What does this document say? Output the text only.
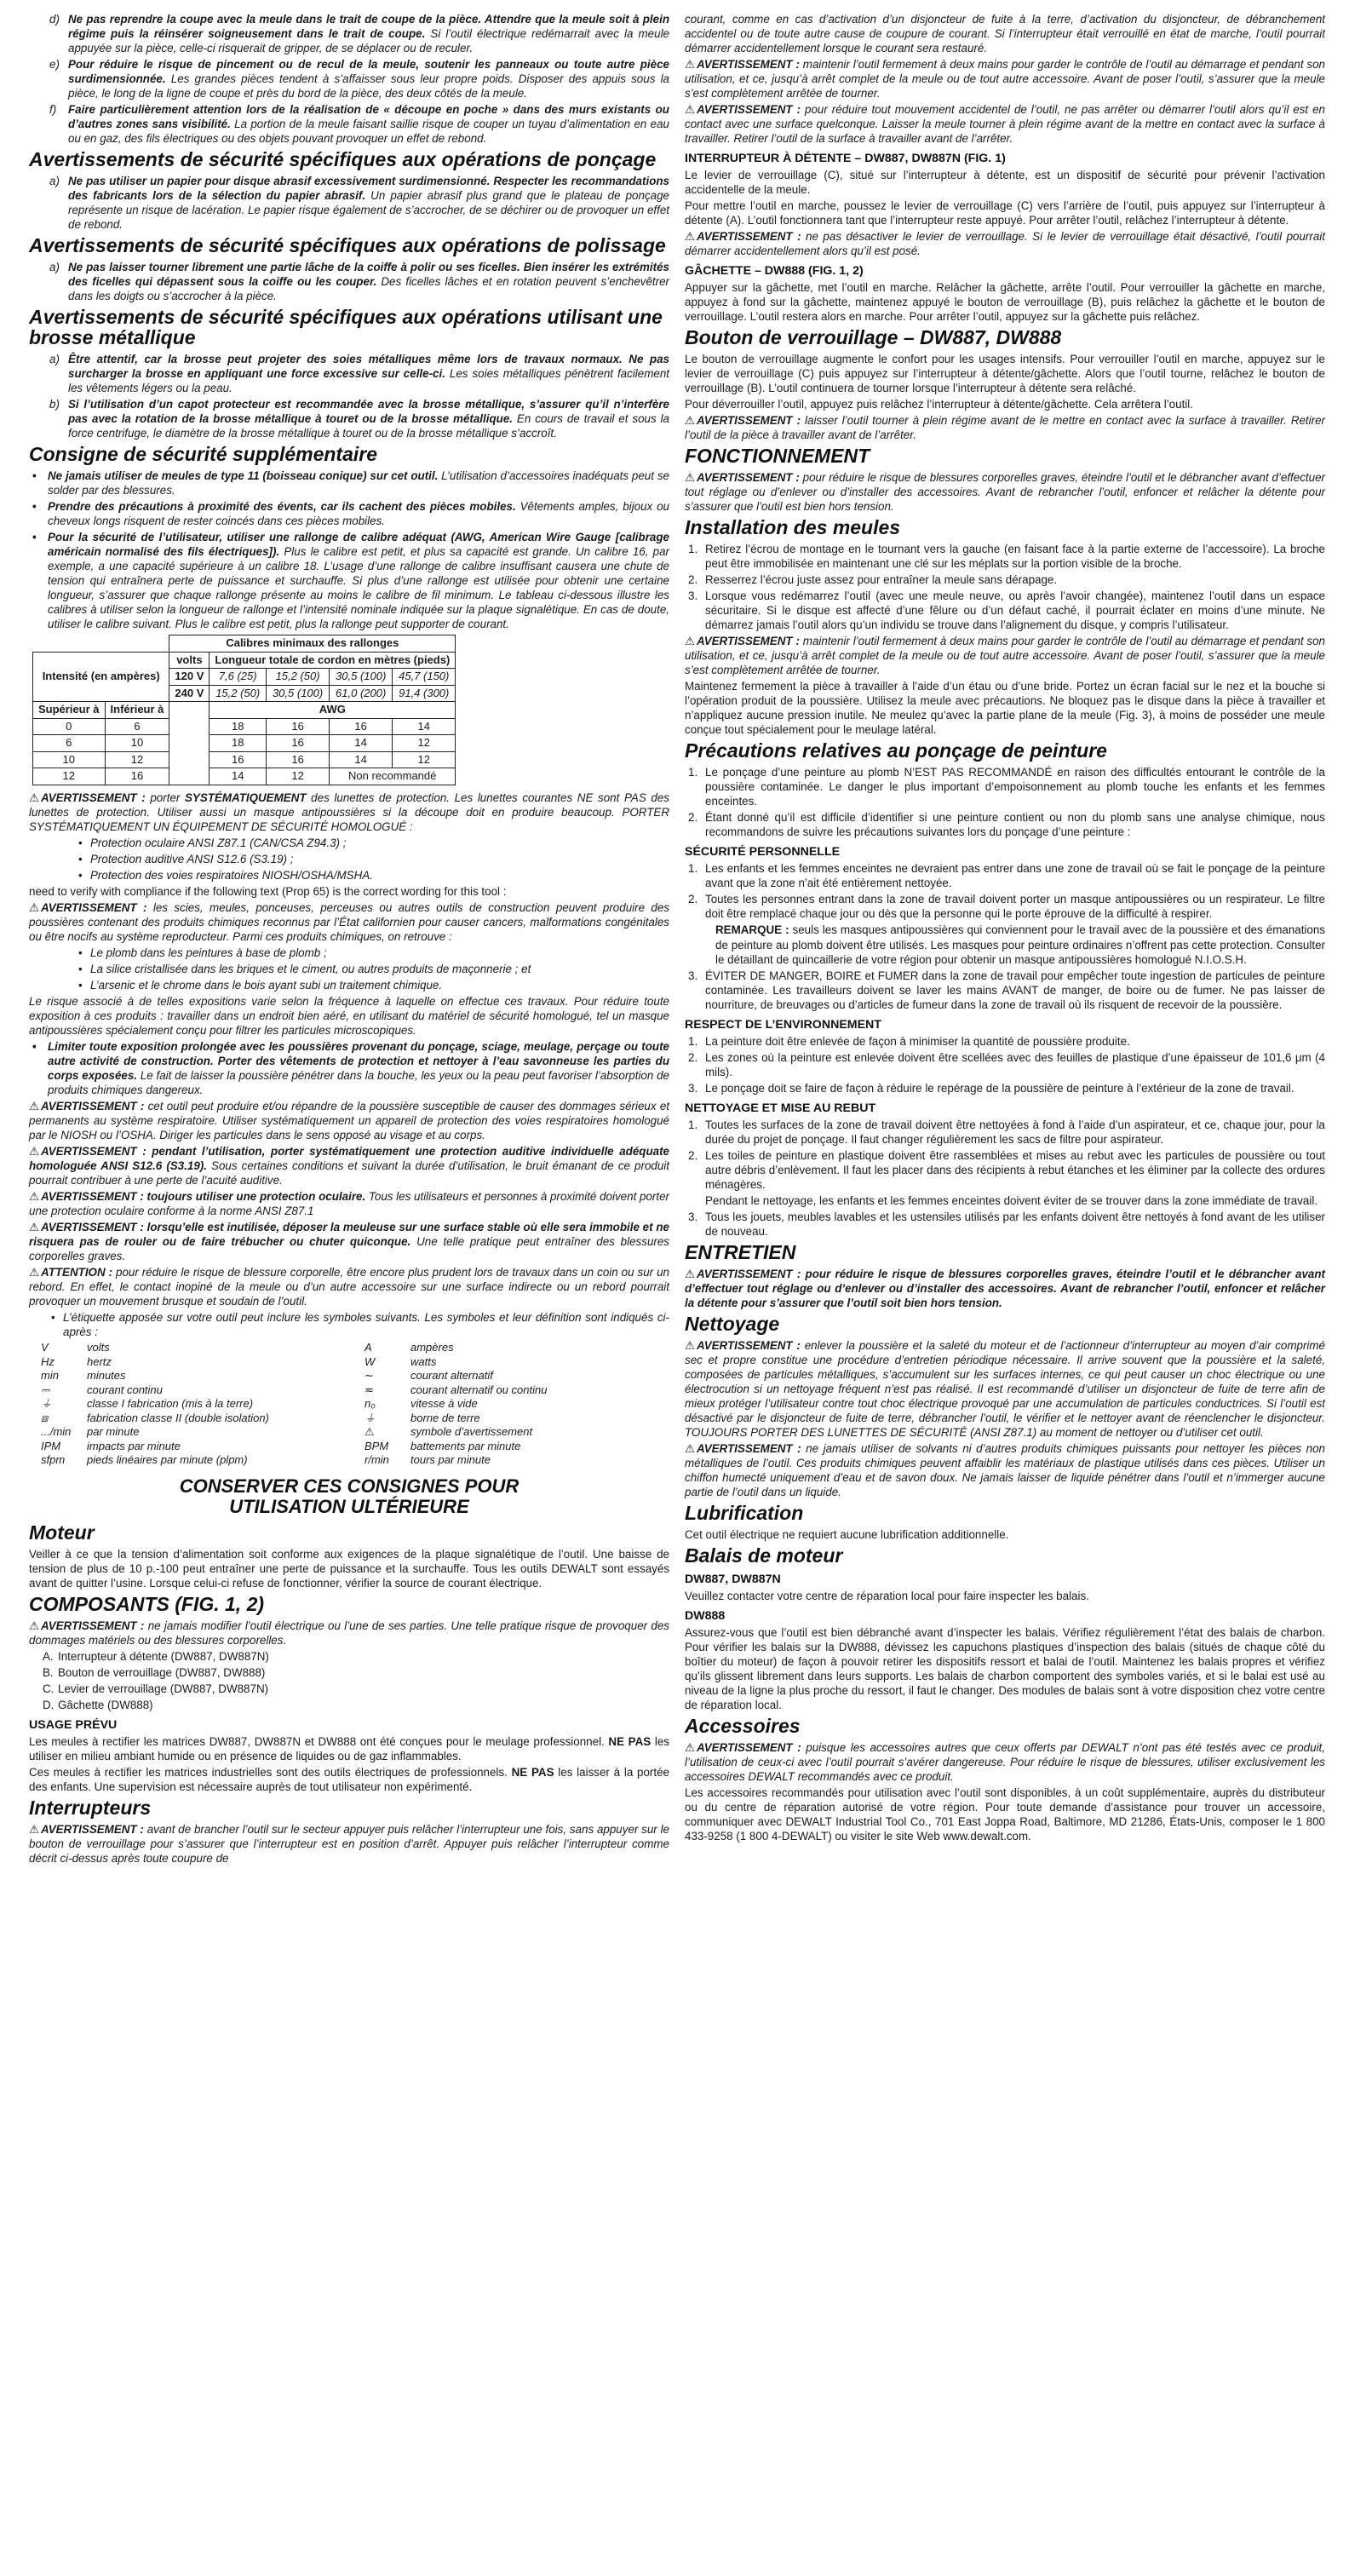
d) Ne pas reprendre la coupe avec la meule dans le trait de coupe de la pièce. Attendre que la meule soit à plein régime puis la réinsérer soigneusement dans le trait de coupe. Si l’outil électrique redémarrait avec la meule appuyée sur la pièce, celle-ci risquerait de gripper, de se déplacer ou de reculer.
e) Pour réduire le risque de pincement ou de recul de la meule, soutenir les panneaux ou toute autre pièce surdimensionnée. Les grandes pièces tendent à s’affaisser sous leur propre poids. Disposer des appuis sous la pièce, le long de la ligne de coupe et près du bord de la pièce, des deux côtés de la meule.
f) Faire particulièrement attention lors de la réalisation de « découpe en poche » dans des murs existants ou d’autres zones sans visibilité. La portion de la meule faisant saillie risque de couper un tuyau d’alimentation en eau ou en gaz, des fils électriques ou des objets pouvant provoquer un effet de rebond.
Avertissements de sécurité spécifiques aux opérations de ponçage
a) Ne pas utiliser un papier pour disque abrasif excessivement surdimensionné. Respecter les recommandations des fabricants lors de la sélection du papier abrasif. Un papier abrasif plus grand que le plateau de ponçage représente un risque de lacération. Le papier risque également de s’accrocher, de se déchirer ou de provoquer un effet de rebond.
Avertissements de sécurité spécifiques aux opérations de polissage
a) Ne pas laisser tourner librement une partie lâche de la coiffe à polir ou ses ficelles. Bien insérer les extrémités des ficelles qui dépassent sous la coiffe ou les couper. Des ficelles lâches et en rotation peuvent s’enchevêtrer dans les doigts ou s’accrocher à la pièce.
Avertissements de sécurité spécifiques aux opérations utilisant une brosse métallique
a) Être attentif, car la brosse peut projeter des soies métalliques même lors de travaux normaux. Ne pas surcharger la brosse en appliquant une force excessive sur celle-ci. Les soies métalliques pénètrent facilement les vêtements légers ou la peau.
b) Si l’utilisation d’un capot protecteur est recommandée avec la brosse métallique, s’assurer qu’il n’interfère pas avec la rotation de la brosse métallique à touret ou de la brosse métallique. En cours de travail et sous la force centrifuge, le diamètre de la brosse métallique à touret ou de la brosse métallique s’accroît.
Consigne de sécurité supplémentaire
• Ne jamais utiliser de meules de type 11 (boisseau conique) sur cet outil. L’utilisation d’accessoires inadéquats peut se solder par des blessures.
• Prendre des précautions à proximité des évents, car ils cachent des pièces mobiles. Vêtements amples, bijoux ou cheveux longs risquent de rester coincés dans ces pièces mobiles.
• Pour la sécurité de l’utilisateur, utiliser une rallonge de calibre adéquat (AWG, American Wire Gauge [calibrage américain normalisé des fils électriques]). Plus le calibre est petit, et plus sa capacité est grande. Un calibre 16, par exemple, a une capacité supérieure à un calibre 18. L’usage d’une rallonge de calibre insuffisant causera une chute de tension qui entraînera perte de puissance et surchauffe. Si plus d’une rallonge est utilisée pour obtenir une certaine longueur, s’assurer que chaque rallonge présente au moins le calibre de fil minimum. Le tableau ci-dessous illustre les calibres à utiliser selon la longueur de rallonge et l’intensité nominale indiquée sur la plaque signalétique. En cas de doute, utiliser le calibre suivant. Plus le calibre est petit, plus la rallonge peut supporter de courant.
		Calibres minimaux des rallonges				
Intensité (en ampères)		volts	Longueur totale de cordon en mètres (pieds)			
		120 V	7,6 (25)	15,2 (50)	30,5 (100)	45,7 (150)
		240 V	15,2 (50)	30,5 (100)	61,0 (200)	91,4 (300)
Supérieur à	Inférieur à		AWG			
0	6		18	16	16	14
6	10		18	16	14	12
10	12		16	16	14	12
12	16		14	12	Non recommandé	
⚠ AVERTISSEMENT : porter SYSTÉMATIQUEMENT des lunettes de protection. Les lunettes courantes NE sont PAS des lunettes de protection. Utiliser aussi un masque antipoussières si la découpe doit en produire beaucoup. PORTER SYSTÉMATIQUEMENT UN ÉQUIPEMENT DE SÉCURITÉ HOMOLOGUÉ :
• Protection oculaire ANSI Z87.1 (CAN/CSA Z94.3) ;
• Protection auditive ANSI S12.6 (S3.19) ;
• Protection des voies respiratoires NIOSH/OSHA/MSHA.
need to verify with compliance if the following text (Prop 65) is the correct wording for this tool :
⚠ AVERTISSEMENT : les scies, meules, ponceuses, perceuses ou autres outils de construction peuvent produire des poussières contenant des produits chimiques reconnus par l’État californien pour causer cancers, malformations congénitales ou être nocifs au système reproducteur. Parmi ces produits chimiques, on retrouve :
• Le plomb dans les peintures à base de plomb ;
• La silice cristallisée dans les briques et le ciment, ou autres produits de maçonnerie ; et
• L’arsenic et le chrome dans le bois ayant subi un traitement chimique.
Le risque associé à de telles expositions varie selon la fréquence à laquelle on effectue ces travaux. Pour réduire toute exposition à ces produits : travailler dans un endroit bien aéré, en utilisant du matériel de sécurité homologué, tel un masque antipoussières spécialement conçu pour filtrer les particules microscopiques.
• Limiter toute exposition prolongée avec les poussières provenant du ponçage, sciage, meulage, perçage ou toute autre activité de construction. Porter des vêtements de protection et nettoyer à l’eau savonneuse les parties du corps exposées. Le fait de laisser la poussière pénétrer dans la bouche, les yeux ou la peau peut favoriser l’absorption de produits chimiques dangereux.
⚠ AVERTISSEMENT : cet outil peut produire et/ou répandre de la poussière susceptible de causer des dommages sérieux et permanents au système respiratoire. Utiliser systématiquement un appareil de protection des voies respiratoires homologué par le NIOSH ou l’OSHA. Diriger les particules dans le sens opposé au visage et au corps.
⚠ AVERTISSEMENT : pendant l’utilisation, porter systématiquement une protection auditive individuelle adéquate homologuée ANSI S12.6 (S3.19). Sous certaines conditions et suivant la durée d’utilisation, le bruit émanant de ce produit pourrait contribuer à une perte de l’acuité auditive.
⚠ AVERTISSEMENT : toujours utiliser une protection oculaire. Tous les utilisateurs et personnes à proximité doivent porter une protection oculaire conforme à la norme ANSI Z87.1
⚠ AVERTISSEMENT : lorsqu’elle est inutilisée, déposer la meuleuse sur une surface stable où elle sera immobile et ne risquera pas de rouler ou de faire trébucher ou chuter quiconque. Une telle pratique peut entraîner des blessures corporelles graves.
⚠ ATTENTION : pour réduire le risque de blessure corporelle, être encore plus prudent lors de travaux dans un coin ou sur un rebord. En effet, le contact inopiné de la meule ou d’un autre accessoire sur une surface indirecte ou un rebord pourrait provoquer un mouvement brusque et soudain de l’outil.
• L’étiquette apposée sur votre outil peut inclure les symboles suivants. Les symboles et leur définition sont indiqués ci-après :
V	volts	A	ampères
Hz	hertz	W	watts
min	minutes	∼	courant alternatif
⎓	courant continu	≂	courant alternatif ou continu
⏚	classe I fabrication (mis à la terre)	n₀	vitesse à vide
⧈	fabrication classe II (double isolation)	⏚	borne de terre
.../min	par minute	⚠	symbole d’avertissement
IPM	impacts par minute	BPM	battements par minute
sfpm	pieds linéaires par minute (plpm)	r/min	tours par minute
CONSERVER CES CONSIGNES POUR UTILISATION ULTÉRIEURE
Moteur
Veiller à ce que la tension d’alimentation soit conforme aux exigences de la plaque signalétique de l’outil. Une baisse de tension de plus de 10 p.-100 peut entraîner une perte de puissance et la surchauffe. Tous les outils DEWALT sont essayés avant de quitter l’usine. Lorsque celui-ci refuse de fonctionner, vérifier la source de courant électrique.
COMPOSANTS (FIG. 1, 2)
⚠ AVERTISSEMENT : ne jamais modifier l’outil électrique ou l’une de ses parties. Une telle pratique risque de provoquer des dommages matériels ou des blessures corporelles.
A. Interrupteur à détente (DW887, DW887N)
B. Bouton de verrouillage (DW887, DW888)
C. Levier de verrouillage (DW887, DW887N)
D. Gâchette (DW888)
USAGE PRÉVU
Les meules à rectifier les matrices DW887, DW887N et DW888 ont été conçues pour le meulage professionnel. NE PAS les utiliser en milieu ambiant humide ou en présence de liquides ou de gaz inflammables.
Ces meules à rectifier les matrices industrielles sont des outils électriques de professionnels. NE PAS les laisser à la portée des enfants. Une supervision est nécessaire auprès de tout utilisateur non expérimenté.
Interrupteurs
⚠ AVERTISSEMENT : avant de brancher l’outil sur le secteur appuyer puis relâcher l’interrupteur une fois, sans appuyer sur le bouton de verrouillage pour s’assurer que l’interrupteur est en position d’arrêt. Appuyer puis relâcher l’interrupteur comme décrit ci-dessus après toute coupure de
courant, comme en cas d’activation d’un disjoncteur de fuite à la terre, d’activation du disjoncteur, de débranchement accidentel ou de toute autre cause de coupure de courant. Si l’interrupteur était verrouillé en état de marche, l’outil pourrait démarrer accidentellement lorsque le courant sera restauré.
⚠ AVERTISSEMENT : maintenir l’outil fermement à deux mains pour garder le contrôle de l’outil au démarrage et pendant son utilisation, et ce, jusqu’à arrêt complet de la meule ou de tout autre accessoire. Avant de poser l’outil, s’assurer que la meule s’est complètement arrêtée de tourner.
⚠ AVERTISSEMENT : pour réduire tout mouvement accidentel de l’outil, ne pas arrêter ou démarrer l’outil alors qu’il est en contact avec une surface quelconque. Laisser la meule tourner à plein régime avant de la mettre en contact avec la surface à travailler. Retirer l’outil de la surface à travailler avant de l’arrêter.
INTERRUPTEUR À DÉTENTE – DW887, DW887N (FIG. 1)
Le levier de verrouillage (C), situé sur l’interrupteur à détente, est un dispositif de sécurité pour prévenir l’activation accidentelle de la meule.
Pour mettre l’outil en marche, poussez le levier de verrouillage (C) vers l’arrière de l’outil, puis appuyez sur l’interrupteur à détente (A). L’outil fonctionnera tant que l’interrupteur reste appuyé. Pour arrêter l’outil, relâchez l’interrupteur à détente.
⚠ AVERTISSEMENT : ne pas désactiver le levier de verrouillage. Si le levier de verrouillage était désactivé, l’outil pourrait démarrer accidentellement alors qu’il est posé.
GÂCHETTE – DW888 (FIG. 1, 2)
Appuyer sur la gâchette, met l’outil en marche. Relâcher la gâchette, arrête l’outil. Pour verrouiller la gâchette en marche, appuyez à fond sur la gâchette, maintenez appuyé le bouton de verrouillage (B), puis relâchez la gâchette et le bouton de verrouillage. L’outil restera alors en marche. Pour arrêter l’outil, appuyez sur la gâchette puis relâchez.
Bouton de verrouillage – DW887, DW888
Le bouton de verrouillage augmente le confort pour les usages intensifs. Pour verrouiller l’outil en marche, appuyez sur le levier de verrouillage (C) puis appuyez sur l’interrupteur à détente/gâchette. Alors que l’outil tourne, relâchez le bouton de verrouillage (B). L’outil continuera de tourner lorsque l’interrupteur à détente sera relâché.
Pour déverrouiller l’outil, appuyez puis relâchez l’interrupteur à détente/gâchette. Cela arrêtera l’outil.
⚠ AVERTISSEMENT : laisser l’outil tourner à plein régime avant de le mettre en contact avec la surface à travailler. Retirer l’outil de la pièce à travailler avant de l’arrêter.
FONCTIONNEMENT
⚠ AVERTISSEMENT : pour réduire le risque de blessures corporelles graves, éteindre l’outil et le débrancher avant d’effectuer tout réglage ou d’enlever ou d’installer des accessoires. Avant de rebrancher l’outil, enfoncer et relâcher la détente pour s’assurer que l’outil est bien hors tension.
Installation des meules
1. Retirez l’écrou de montage en le tournant vers la gauche (en faisant face à la partie externe de l’accessoire). La broche peut être immobilisée en maintenant une clé sur les méplats sur la portion visible de la broche.
2. Resserrez l’écrou juste assez pour entraîner la meule sans dérapage.
3. Lorsque vous redémarrez l’outil (avec une meule neuve, ou après l’avoir changée), maintenez l’outil dans un espace sécuritaire. Si le disque est affecté d’une fêlure ou d’un défaut caché, il pourrait éclater en moins d’une minute. Ne démarrez jamais l’outil alors qu’un individu se trouve dans l’alignement du disque, y compris l’utilisateur.
⚠ AVERTISSEMENT : maintenir l’outil fermement à deux mains pour garder le contrôle de l’outil au démarrage et pendant son utilisation, et ce, jusqu’à arrêt complet de la meule ou de tout autre accessoire. Avant de poser l’outil, s’assurer que la meule s’est complètement arrêtée de tourner.
Maintenez fermement la pièce à travailler à l’aide d’un étau ou d’une bride. Portez un écran facial sur le nez et la bouche si l’opération produit de la poussière. Utilisez la meule avec précautions. Ne bloquez pas le disque dans la pièce à travailler et n’appliquez aucune pression inutile. Ne meulez qu’avec la partie plane de la meule (Fig. 3), à moins de posséder une meule conçue tout spécialement pour le meulage latéral.
Précautions relatives au ponçage de peinture
1. Le ponçage d’une peinture au plomb N’EST PAS RECOMMANDÉ en raison des difficultés entourant le contrôle de la poussière contaminée. Le danger le plus important d’empoisonnement au plomb touche les enfants et les femmes enceintes.
2. Étant donné qu’il est difficile d’identifier si une peinture contient ou non du plomb sans une analyse chimique, nous recommandons de suivre les précautions suivantes lors du ponçage d’une peinture :
SÉCURITÉ PERSONNELLE
1. Les enfants et les femmes enceintes ne devraient pas entrer dans une zone de travail où se fait le ponçage de la peinture avant que la zone n’ait été entièrement nettoyée.
2. Toutes les personnes entrant dans la zone de travail doivent porter un masque antipoussières ou un respirateur. Le filtre doit être remplacé chaque jour ou dès que la personne qui le porte éprouve de la difficulté à respirer.
REMARQUE : seuls les masques antipoussières qui conviennent pour le travail avec de la poussière et des émanations de peinture au plomb doivent être utilisés. Les masques pour peinture ordinaires n’offrent pas cette protection. Consulter le détaillant de quincaillerie de votre région pour obtenir un masque antipoussières homologué N.I.O.S.H.
3. ÉVITER DE MANGER, BOIRE et FUMER dans la zone de travail pour empêcher toute ingestion de particules de peinture contaminée. Les travailleurs doivent se laver les mains AVANT de manger, de boire ou de fumer. Ne pas laisser de nourriture, de breuvages ou d’articles de fumeur dans la zone de travail où ils risquent de recevoir de la poussière.
RESPECT DE L’ENVIRONNEMENT
1. La peinture doit être enlevée de façon à minimiser la quantité de poussière produite.
2. Les zones où la peinture est enlevée doivent être scellées avec des feuilles de plastique d’une épaisseur de 101,6 μm (4 mils).
3. Le ponçage doit se faire de façon à réduire le repérage de la poussière de peinture à l’extérieur de la zone de travail.
NETTOYAGE ET MISE AU REBUT
1. Toutes les surfaces de la zone de travail doivent être nettoyées à fond à l’aide d’un aspirateur, et ce, chaque jour, pour la durée du projet de ponçage. Il faut changer régulièrement les sacs de filtre pour aspirateur.
2. Les toiles de peinture en plastique doivent être rassemblées et mises au rebut avec les particules de poussière ou tout autre débris d’enlèvement. Il faut les placer dans des récipients à rebut étanches et les éliminer par la collecte des ordures ménagères.
Pendant le nettoyage, les enfants et les femmes enceintes doivent éviter de se trouver dans la zone immédiate de travail.
3. Tous les jouets, meubles lavables et les ustensiles utilisés par les enfants doivent être nettoyés à fond avant de les utiliser de nouveau.
ENTRETIEN
⚠ AVERTISSEMENT : pour réduire le risque de blessures corporelles graves, éteindre l’outil et le débrancher avant d’effectuer tout réglage ou d’enlever ou d’installer des accessoires. Avant de rebrancher l’outil, enfoncer et relâcher la détente pour s’assurer que l’outil soit bien hors tension.
Nettoyage
⚠ AVERTISSEMENT : enlever la poussière et la saleté du moteur et de l’actionneur d’interrupteur au moyen d’air comprimé sec et propre constitue une procédure d’entretien périodique nécessaire. Il arrive souvent que la poussière et la saleté, composées de particules métalliques, s’accumulent sur les surfaces internes, ce qui peut causer un choc électrique ou une électrocution si un nettoyage fréquent n’est pas réalisé. Il est recommandé d’utiliser un disjoncteur de fuite de terre afin de mieux protéger l’utilisateur contre tout choc électrique provoqué par une accumulation de particules conductrices. Si l’outil est désactivé par le disjoncteur de fuite de terre, débrancher l’outil, le vérifier et le nettoyer avant de réenclencher le disjoncteur. TOUJOURS PORTER DES LUNETTES DE SÉCURITÉ (ANSI Z87.1) au moment de nettoyer ou d’utiliser cet outil.
⚠ AVERTISSEMENT : ne jamais utiliser de solvants ni d’autres produits chimiques puissants pour nettoyer les pièces non métalliques de l’outil. Ces produits chimiques peuvent affaiblir les matériaux de plastique utilisés dans ces pièces. Utiliser un chiffon humecté uniquement d’eau et de savon doux. Ne jamais laisser de liquide pénétrer dans l’outil et n’immerger aucune partie de l’outil dans un liquide.
Lubrification
Cet outil électrique ne requiert aucune lubrification additionnelle.
Balais de moteur
DW887, DW887N
Veuillez contacter votre centre de réparation local pour faire inspecter les balais.
DW888
Assurez-vous que l’outil est bien débranché avant d’inspecter les balais. Vérifiez régulièrement l’état des balais de charbon. Pour vérifier les balais sur la DW888, dévissez les capuchons plastiques d’inspection des balais (situés de chaque côté du boîtier du moteur) de façon à pouvoir retirer les dispositifs ressort et balai de l’outil. Maintenez les balais propres et vérifiez qu’ils glissent librement dans leurs supports. Les balais de charbon comportent des symboles variés, et si le balai est usé au niveau de la ligne la plus proche du ressort, il faut le changer. Des modules de balais sont à votre disposition chez votre centre de réparation local.
Accessoires
⚠ AVERTISSEMENT : puisque les accessoires autres que ceux offerts par DEWALT n’ont pas été testés avec ce produit, l’utilisation de ceux-ci avec l’outil pourrait s’avérer dangereuse. Pour réduire le risque de blessures, utiliser exclusivement les accessoires DEWALT recommandés avec ce produit.
Les accessoires recommandés pour utilisation avec l’outil sont disponibles, à un coût supplémentaire, auprès du distributeur ou du centre de réparation autorisé de votre région. Pour toute demande d’assistance pour trouver un accessoire, communiquer avec DEWALT Industrial Tool Co., 701 East Joppa Road, Baltimore, MD 21286, États-Unis, composer le 1 800 433-9258 (1 800 4-DEWALT) ou visiter le site Web www.dewalt.com.
